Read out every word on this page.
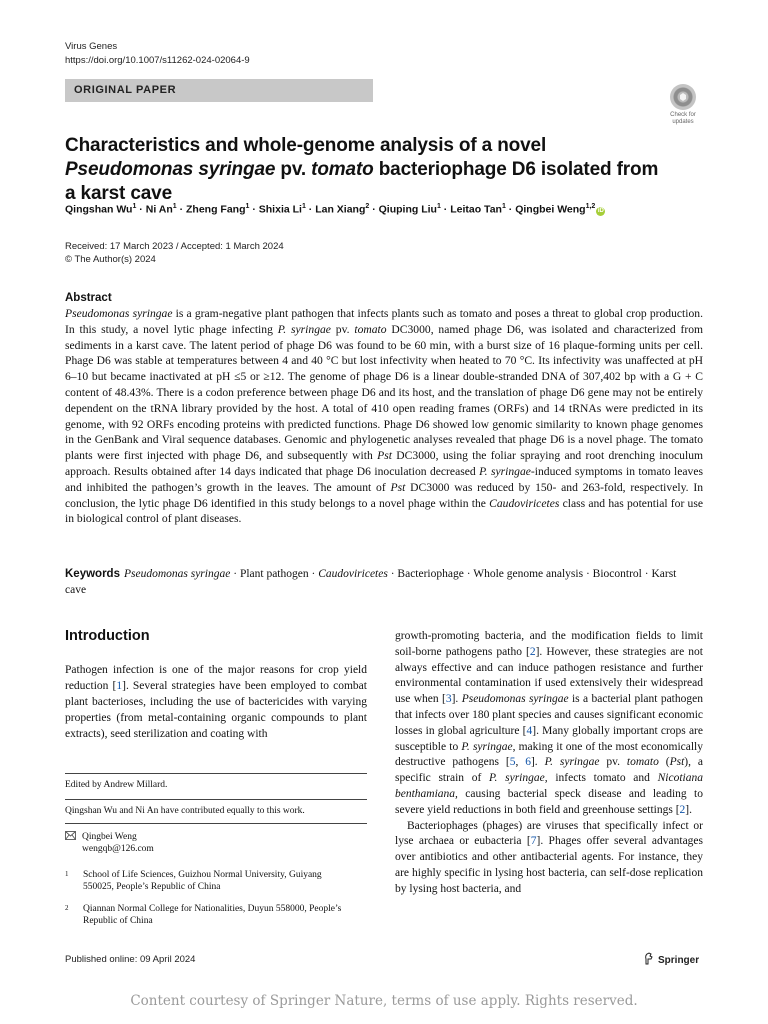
Virus Genes
https://doi.org/10.1007/s11262-024-02064-9
ORIGINAL PAPER
Check for
updates
Characteristics and whole-genome analysis of a novel Pseudomonas syringae pv. tomato bacteriophage D6 isolated from a karst cave
Qingshan $Wu^1 \cdot Ni$ $An^1$ · Zheng Fang$^1$ · Shixia $Li^1$ · Lan Xiang$^2$ · Qiuping Liu$^1$ · Leitao Tan$^1$ · Qingbei Weng$^{1,2}$iD
Received: 17 March 2023 / Accepted: 1 March 2024
© The Author(s) 2024
Abstract

Pseudomonas syringae is a gram-negative plant pathogen that infects plants such as tomato and poses a threat to global crop production. In this study, a novel lytic phage infecting P. syringae pv. tomato DC3000, named phage D6, was isolated and characterized from sediments in a karst cave. The latent period of phage D6 was found to be 60 min, with a burst size of 16 plaque-forming units per cell. Phage D6 was stable at temperatures between 4 and 40 °C but lost infectivity when heated to 70 °C. Its infectivity was unaffected at pH 6–10 but became inactivated at pH ≤5 or ≥12. The genome of phage D6 is a linear double-stranded DNA of 307,402 bp with a G + C content of 48.43%. There is a codon preference between phage D6 and its host, and the translation of phage D6 gene may not be entirely dependent on the tRNA library provided by the host. A total of 410 open reading frames (ORFs) and 14 tRNAs were predicted in its genome, with 92 ORFs encoding proteins with predicted functions. Phage D6 showed low genomic similarity to known phage genomes in the GenBank and Viral sequence databases. Genomic and phylogenetic analyses revealed that phage D6 is a novel phage. The tomato plants were first injected with phage D6, and subsequently with Pst DC3000, using the foliar spraying and root drenching inoculum approach. Results obtained after 14 days indicated that phage D6 inoculation decreased P. syringae-induced symptoms in tomato leaves and inhibited the pathogen’s growth in the leaves. The amount of Pst DC3000 was reduced by 150- and 263-fold, respectively. In conclusion, the lytic phage D6 identified in this study belongs to a novel phage within the Caudoviricetes class and has potential for use in biological control of plant diseases.

Keywords Pseudomonas syringae · Plant pathogen · Caudoviricetes · Bacteriophage · Whole genome analysis · Biocontrol · Karst cave
Introduction

Pathogen infection is one of the major reasons for crop yield reduction [1]. Several strategies have been employed to combat plant bacterioses, including the use of bactericides with varying properties (from metal-containing organic compounds to plant extracts), seed sterilization and coating with

Edited by Andrew Millard.
Qingshan Wu and Ni An have contributed equally to this work.
Qingbei Weng
wengqb@126.com
1	School of Life Sciences, Guizhou Normal University, Guiyang 550025, People’s Republic of China
2	Qiannan Normal College for Nationalities, Duyun 558000, People’s Republic of China

growth-promoting bacteria, and the modification fields to limit soil-borne pathogens patho [2]. However, these strategies are not always effective and can induce pathogen resistance and further environmental contamination if used extensively their widespread use when [3]. Pseudomonas syringae is a bacterial plant pathogen that infects over 180 plant species and causes significant economic losses in global agriculture [4]. Many globally important crops are susceptible to P. syringae, making it one of the most economically destructive pathogens [5, 6]. P. syringae pv. tomato (Pst), a specific strain of P. syringae, infects tomato and Nicotiana benthamiana, causing bacterial speck disease and leading to severe yield reductions in both field and greenhouse settings [2].

Bacteriophages (phages) are viruses that specifically infect or lyse archaea or eubacteria [7]. Phages offer several advantages over antibiotics and other antibacterial agents. For instance, they are highly specific in lysing host bacteria, can self-dose replication by lysing host bacteria, and

Published online: 09 April 2024	Springer
Content courtesy of Springer Nature, terms of use apply. Rights reserved.
